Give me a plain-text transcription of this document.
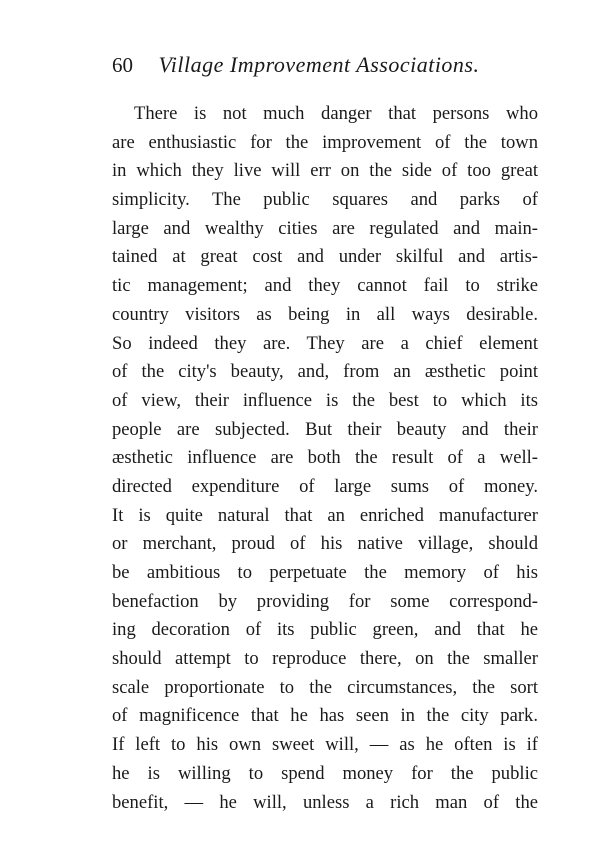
60 Village Improvement Associations.
There is not much danger that persons who
are enthusiastic for the improvement of the town
in which they live will err on the side of too great
simplicity. The public squares and parks of
large and wealthy cities are regulated and main-
tained at great cost and under skilful and artis-
tic management; and they cannot fail to strike
country visitors as being in all ways desirable.
So indeed they are. They are a chief element
of the city's beauty, and, from an æsthetic point
of view, their influence is the best to which its
people are subjected. But their beauty and their
æsthetic influence are both the result of a well-
directed expenditure of large sums of money.
It is quite natural that an enriched manufacturer
or merchant, proud of his native village, should
be ambitious to perpetuate the memory of his
benefaction by providing for some correspond-
ing decoration of its public green, and that he
should attempt to reproduce there, on the smaller
scale proportionate to the circumstances, the sort
of magnificence that he has seen in the city park.
If left to his own sweet will, — as he often is if
he is willing to spend money for the public
benefit, — he will, unless a rich man of the
